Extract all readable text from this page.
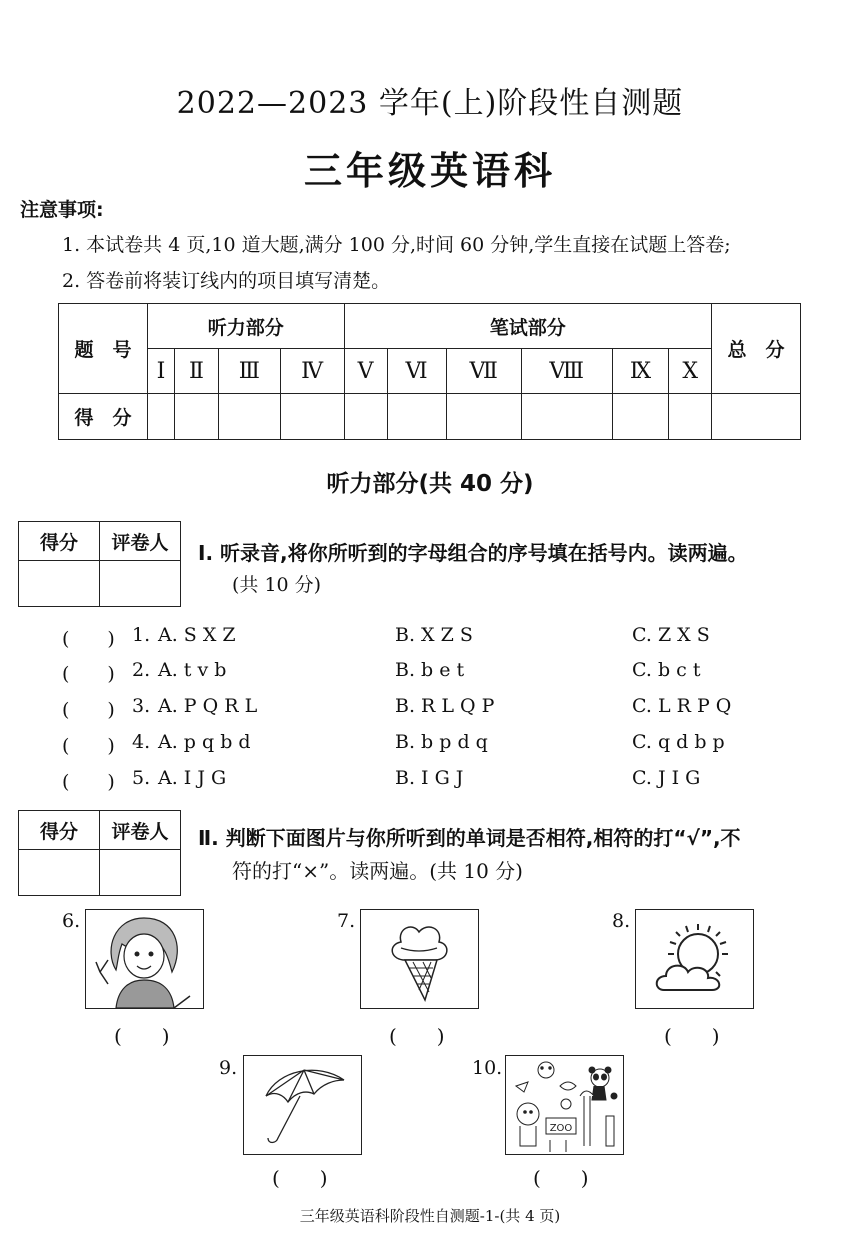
2022—2023 学年(上)阶段性自测题
三年级英语科
注意事项:
1. 本试卷共 4 页,10 道大题,满分 100 分,时间 60 分钟,学生直接在试题上答卷;
2. 答卷前将装订线内的项目填写清楚。
题　号	听力部分				笔试部分						总　分
	Ⅰ	Ⅱ	Ⅲ	Ⅳ	Ⅴ	Ⅵ	Ⅶ	Ⅷ	Ⅸ	Ⅹ	
得　分											
听力部分(共 40 分)
得分	评卷人
	Ⅰ. 听录音,将你所听到的字母组合的序号填在括号内。读两遍。
(共 10 分)
(　　) 1. A. S X Z	B. X Z S	C. Z X S
(　　) 2. A. t v b	B. b e t	C. b c t
(　　) 3. A. P Q R L	B. R L Q P	C. L R P Q
(　　) 4. A. p q b d	B. b p d q	C. q d b p
(　　) 5. A. I J G	B. I G J	C. J I G
得分	评卷人
	Ⅱ. 判断下面图片与你所听到的单词是否相符,相符的打“√”,不
符的打“×”。读两遍。(共 10 分)
6.
(　　)
7.
(　　)
8.
(　　)
9.
(　　)
10.
ZOO
(　　)
三年级英语科阶段性自测题-1-(共 4 页)
